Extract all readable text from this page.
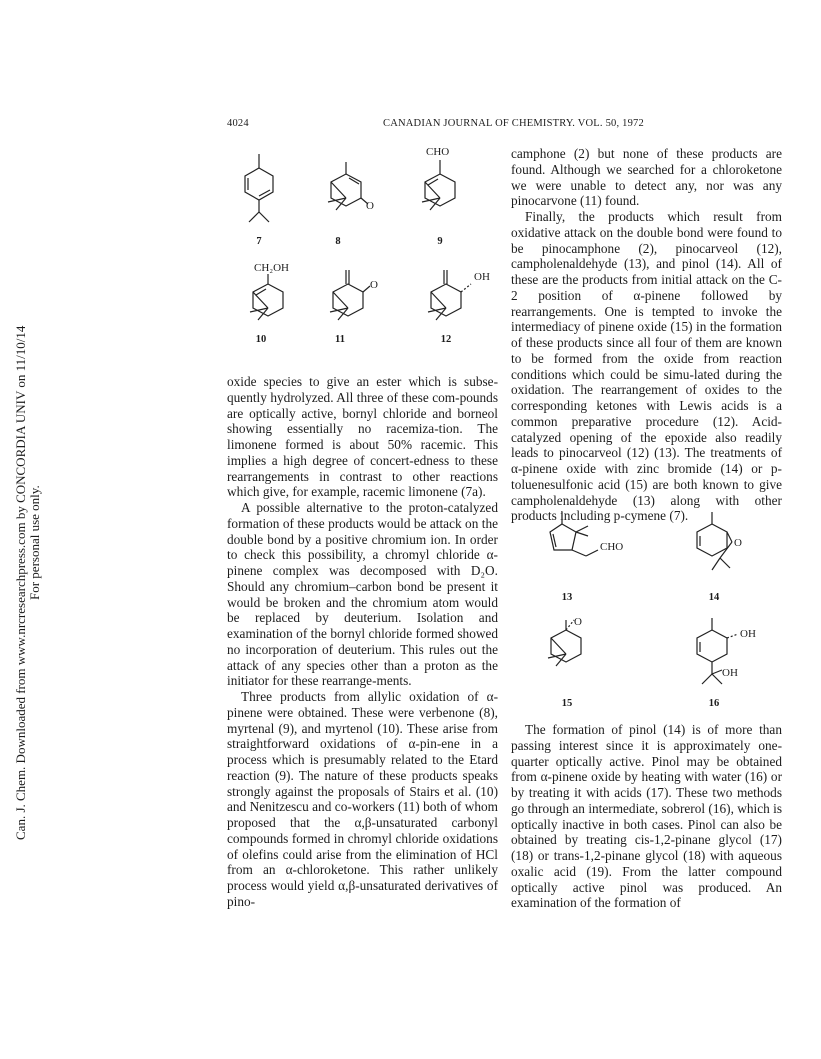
4024	CANADIAN JOURNAL OF CHEMISTRY. VOL. 50, 1972
Can. J. Chem. Downloaded from www.nrcresearchpress.com by CONCORDIA UNIV on 11/10/14 For personal use only.
7
O
8
CHO
9
CH₂OH
10
O
11
OH
12

oxide species to give an ester which is subse-quently hydrolyzed. All three of these com-pounds are optically active, bornyl chloride and borneol showing essentially no racemiza-tion. The limonene formed is about 50% racemic. This implies a high degree of concert-edness to these rearrangements in contrast to other reactions which give, for example, racemic limonene (7a).

A possible alternative to the proton-catalyzed formation of these products would be attack on the double bond by a positive chromium ion. In order to check this possibility, a chromyl chloride α-pinene complex was decomposed with D₂O. Should any chromium–carbon bond be present it would be broken and the chromium atom would be replaced by deuterium. Isolation and examination of the bornyl chloride formed showed no incorporation of deuterium. This rules out the attack of any species other than a proton as the initiator for these rearrange-ments.

Three products from allylic oxidation of α-pinene were obtained. These were verbenone (8), myrtenal (9), and myrtenol (10). These arise from straightforward oxidations of α-pin-ene in a process which is presumably related to the Etard reaction (9). The nature of these products speaks strongly against the proposals of Stairs et al. (10) and Nenitzescu and co-workers (11) both of whom proposed that the α,β-unsaturated carbonyl compounds formed in chromyl chloride oxidations of olefins could arise from the elimination of HCl from an α-chloroketone. This rather unlikely process would yield α,β-unsaturated derivatives of pino-

camphone (2) but none of these products are found. Although we searched for a chloroketone we were unable to detect any, nor was any pinocarvone (11) found.

Finally, the products which result from oxidative attack on the double bond were found to be pinocamphone (2), pinocarveol (12), campholenaldehyde (13), and pinol (14). All of these are the products from initial attack on the C-2 position of α-pinene followed by rearrangements. One is tempted to invoke the intermediacy of pinene oxide (15) in the formation of these products since all four of them are known to be formed from the oxide from reaction conditions which could be simu-lated during the oxidation. The rearrangement of oxides to the corresponding ketones with Lewis acids is a common preparative procedure (12). Acid-catalyzed opening of the epoxide also readily leads to pinocarveol (12) (13). The treatments of α-pinene oxide with zinc bromide (14) or p-toluenesulfonic acid (15) are both known to give campholenaldehyde (13) along with other products including p-cymene (7).

CHO
13
O
14
O
15
OH
OH
16

The formation of pinol (14) is of more than passing interest since it is approximately one-quarter optically active. Pinol may be obtained from α-pinene oxide by heating with water (16) or by treating it with acids (17). These two methods go through an intermediate, sobrerol (16), which is optically inactive in both cases. Pinol can also be obtained by treating cis-1,2-pinane glycol (17) (18) or trans-1,2-pinane glycol (18) with aqueous oxalic acid (19). From the latter compound optically active pinol was produced. An examination of the formation of
